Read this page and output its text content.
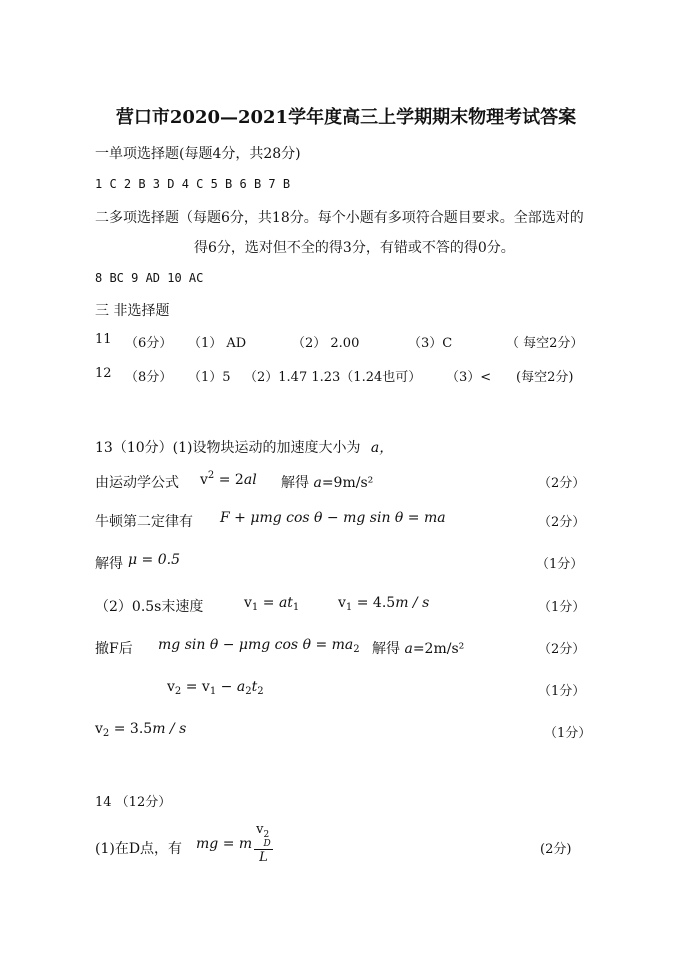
营口市2020—2021学年度高三上学期期末物理考试答案
一单项选择题(每题4分，共28分)
1 C 2 B 3 D 4 C 5 B 6 B 7 B
二多项选择题（每题6分，共18分。每个小题有多项符合题目要求。全部选对的
得6分，选对但不全的得3分，有错或不答的得0分。
8 BC 9 AD 10 AC
三 非选择题
11 （6分） （1） AD	（2） 2.00	（3）C	（ 每空2分）
12 （8分） （1）5 （2）1.47 1.23（1.24也可） （3）< (每空2分)
13（10分）(1)设物块运动的加速度大小为 a，
由运动学公式 $v^2 = 2al$ 解得 a=9m/s²	（2分）
牛顿第二定律有 F + μmg cos θ − mg sin θ = ma	（2分）
解得 μ = 0.5	（1分）
（2）0.5s末速度	$v_1 = at_1$	$v_1 = 4.5m / s$	（1分）
撤F后 mg sin θ − μmg $\cos \theta = ma_2$ 解得 a=2m/s²	（2分）
$v_2 = v_1 - a_2t_2$	（1分）
$v_2 = 3.5m / s$	（1分）
14 （12分）
(1)在D点，有 mg = m v 2
D
L	(2分)
